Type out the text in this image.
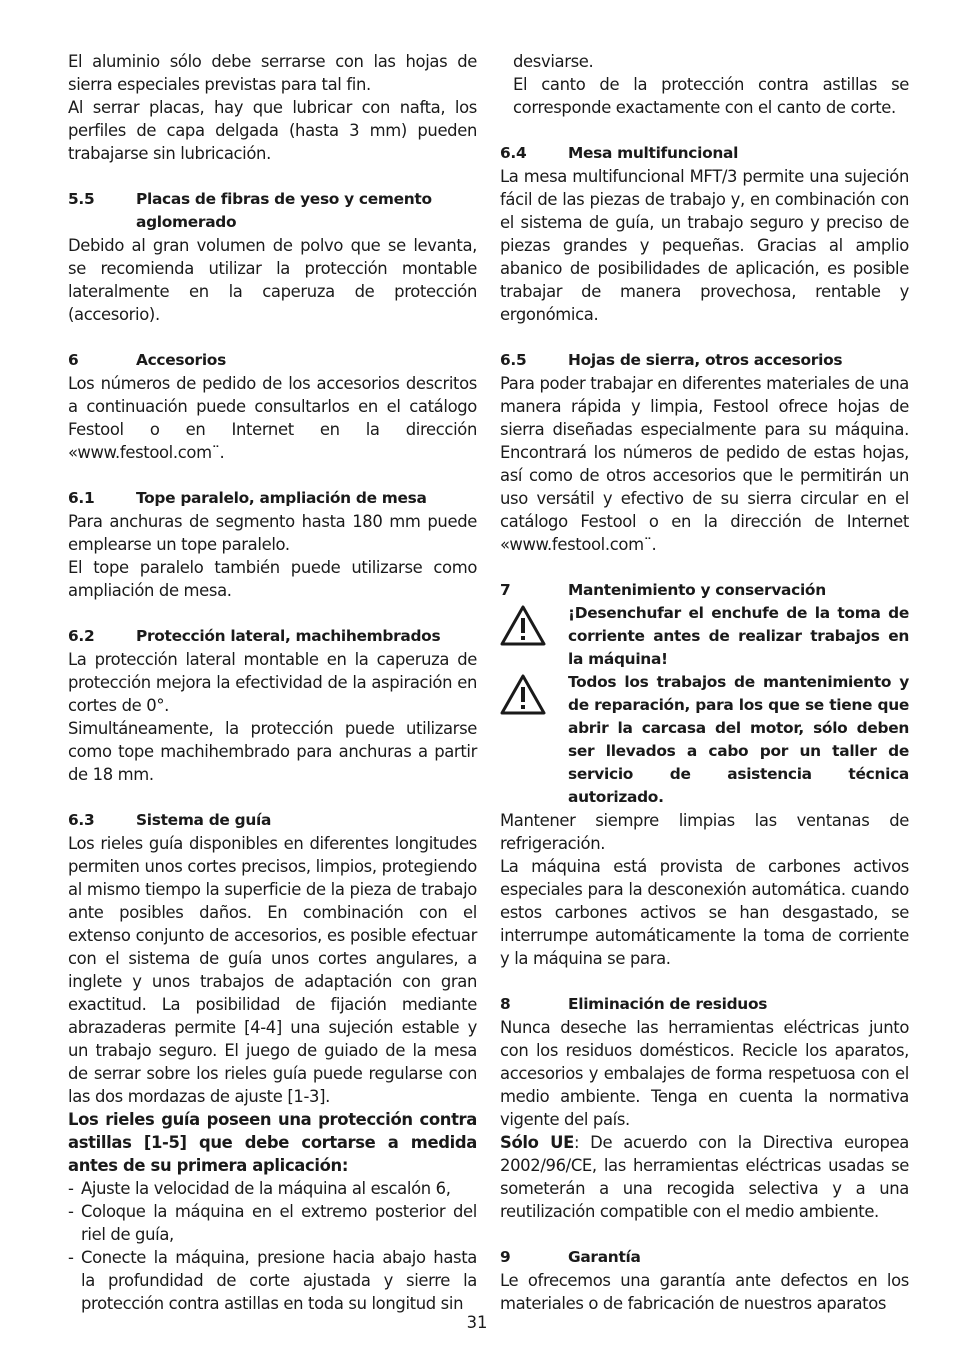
El aluminio sólo debe serrarse con las hojas de sierra especiales previstas para tal fin.

Al serrar placas, hay que lubricar con nafta, los perfiles de capa delgada (hasta 3 mm) pueden trabajarse sin lubricación.

5.5	Placas de fibras de yeso y cemento aglomerado

Debido al gran volumen de polvo que se levanta, se recomienda utilizar la protección montable lateralmente en la caperuza de protección (accesorio).

6	Accesorios

Los números de pedido de los accesorios descritos a continuación puede consultarlos en el catálogo Festool o en Internet en la dirección «www.festool.com¨.

6.1	Tope paralelo, ampliación de mesa

Para anchuras de segmento hasta 180 mm puede emplearse un tope paralelo.

El tope paralelo también puede utilizarse como ampliación de mesa.

6.2	Protección lateral, machihembrados

La protección lateral montable en la caperuza de protección mejora la efectividad de la aspiración en cortes de 0°.

Simultáneamente, la protección puede utilizarse como tope machihembrado para anchuras a partir de 18 mm.

6.3	Sistema de guía

Los rieles guía disponibles en diferentes longitudes permiten unos cortes precisos, limpios, protegiendo al mismo tiempo la superficie de la pieza de trabajo ante posibles daños. En combinación con el extenso conjunto de accesorios, es posible efectuar con el sistema de guía unos cortes angulares, a inglete y unos trabajos de adaptación con gran exactitud. La posibilidad de fijación mediante abrazaderas permite [4-4] una sujeción estable y un trabajo seguro. El juego de guiado de la mesa de serrar sobre los rieles guía puede regularse con las dos mordazas de ajuste [1-3].

Los rieles guía poseen una protección contra astillas [1-5] que debe cortarse a medida antes de su primera aplicación:

- Ajuste la velocidad de la máquina al escalón 6,
- Coloque la máquina en el extremo posterior del riel de guía,
- Conecte la máquina, presione hacia abajo hasta la profundidad de corte ajustada y sierre la protección contra astillas en toda su longitud sin

desviarse.

El canto de la protección contra astillas se corresponde exactamente con el canto de corte.

6.4	Mesa multifuncional

La mesa multifuncional MFT/3 permite una sujeción fácil de las piezas de trabajo y, en combinación con el sistema de guía, un trabajo seguro y preciso de piezas grandes y pequeñas. Gracias al amplio abanico de posibilidades de aplicación, es posible trabajar de manera provechosa, rentable y ergonómica.

6.5	Hojas de sierra, otros accesorios

Para poder trabajar en diferentes materiales de una manera rápida y limpia, Festool ofrece hojas de sierra diseñadas especialmente para su máquina. Encontrará los números de pedido de estas hojas, así como de otros accesorios que le permitirán un uso versátil y efectivo de su sierra circular en el catálogo Festool o en la dirección de Internet «www.festool.com¨.

7	Mantenimiento y conservación
¡Desenchufar el enchufe de la toma de corriente antes de realizar trabajos en la máquina!
Todos los trabajos de mantenimiento y de reparación, para los que se tiene que abrir la carcasa del motor, sólo deben ser llevados a cabo por un taller de servicio de asistencia técnica autorizado.

Mantener siempre limpias las ventanas de refrigeración.

La máquina está provista de carbones activos especiales para la desconexión automática. cuando estos carbones activos se han desgastado, se interrumpe automáticamente la toma de corriente y la máquina se para.

8	Eliminación de residuos

Nunca deseche las herramientas eléctricas junto con los residuos domésticos. Recicle los aparatos, accesorios y embalajes de forma respetuosa con el medio ambiente. Tenga en cuenta la normativa vigente del país.

Sólo UE: De acuerdo con la Directiva europea 2002/96/CE, las herramientas eléctricas usadas se someterán a una recogida selectiva y a una reutilización compatible con el medio ambiente.

9	Garantía

Le ofrecemos una garantía ante defectos en los materiales o de fabricación de nuestros aparatos

31
